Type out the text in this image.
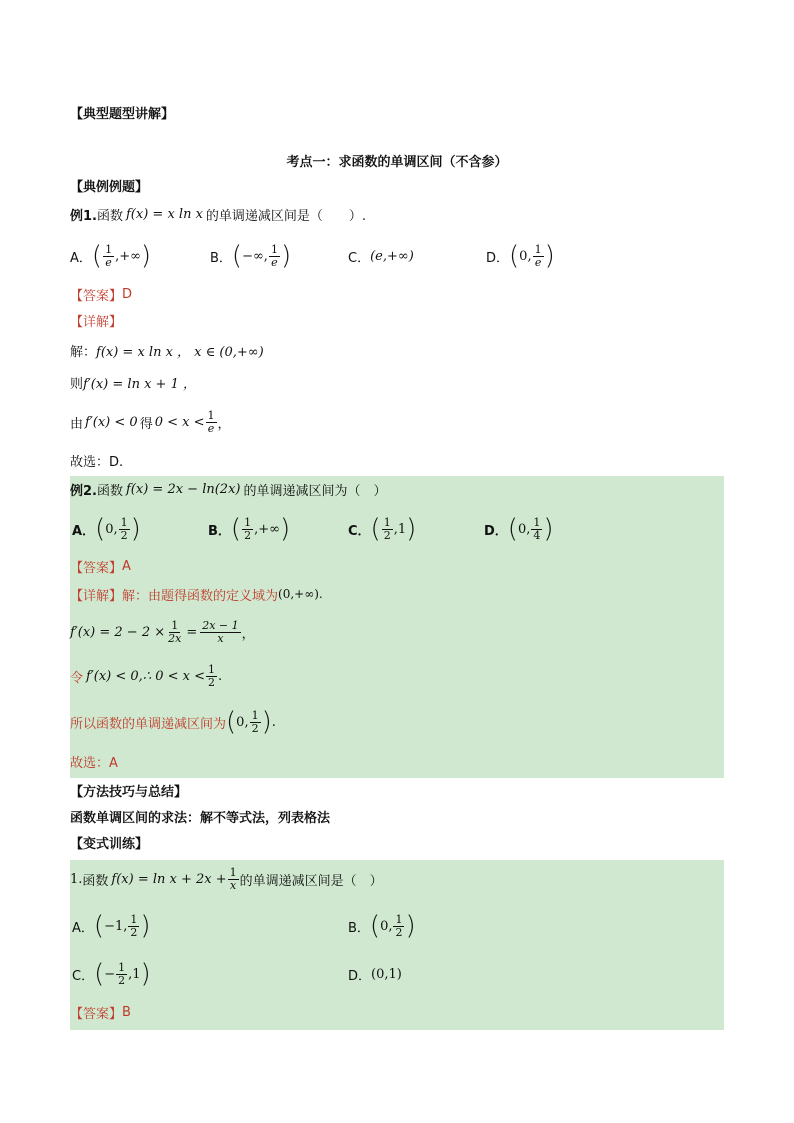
【典型题型讲解】
考点一：求函数的单调区间（不含参）
【典例例题】
例1. 函数 f(x) = x ln x 的单调递减区间是（　　）.
A． ( $\frac{1}{e}$ ,+∞ )	B． ( −∞, $\frac{1}{e}$ )	C． (e,+∞)	D． ( 0, $\frac{1}{e}$ )
【答案】 D
【详解】
解： f(x) = x ln x ， x ∈ (0,+∞)
则 f′(x) = ln x + 1 ，
由 f′(x) < 0 得 $0 < x < \frac{1}{e}$ ，
故选：D.
例2. 函数 f(x) = 2x − ln(2x) 的单调递减区间为（　）
A． ( 0, $\frac{1}{2}$ )	B． ( $\frac{1}{2}$ ,+∞ )	C． ( $\frac{1}{2} ,1$ )	D． ( 0, $\frac{1}{4}$ )
【答案】 A
【详解】 解：由题得函数的定义域为 (0,+∞).
$f'(x) = 2 - 2 \times \frac{1}{2x} = \frac{2x - 1}{x}$ ，
令 f′(x) < 0,∴ $0 < x < \frac{1}{2}$ .
所以函数的单调递减区间为 ( 0, $\frac{1}{2}$ ) .
故选：A
【方法技巧与总结】
函数单调区间的求法：解不等式法，列表格法
【变式训练】
1. 函数 $f(x) = \ln x + 2x + \frac{1}{x}$ 的单调递减区间是（　）
A． ( −1, $\frac{1}{2}$ )	B． ( 0, $\frac{1}{2}$ )
C． ( − $\frac{1}{2} ,1$ )	D． (0,1)
【答案】 B
